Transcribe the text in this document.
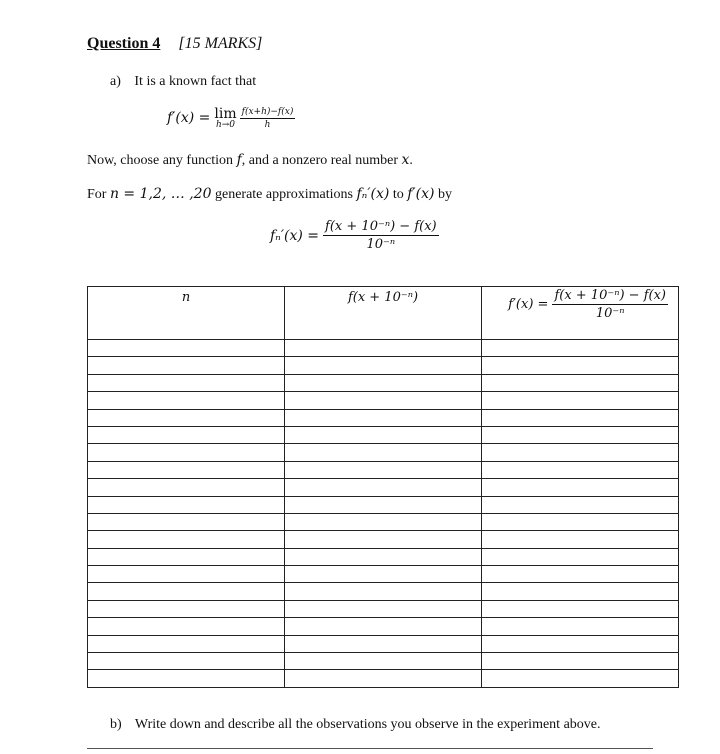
Question 4 [15 MARKS]
a) It is a known fact that
f′(x) = lim
$h\to 0 \frac{f(x+h)-f(x)}{h}$
Now, choose any function f, and a nonzero real number x.
For n = 1,2, … ,20 generate approximations fₙ′(x) to f′(x) by
$f_n'(x) = \frac{\text{f(x + 10⁻ⁿ) − f(x)}}{\text{10⁻ⁿ}}$
n	f(x + 10⁻ⁿ)	$f'(x) = \frac{\text{f(x + 10⁻ⁿ) − f(x)}}{\text{10⁻ⁿ}}$

b) Write down and describe all the observations you observe in the experiment above.
